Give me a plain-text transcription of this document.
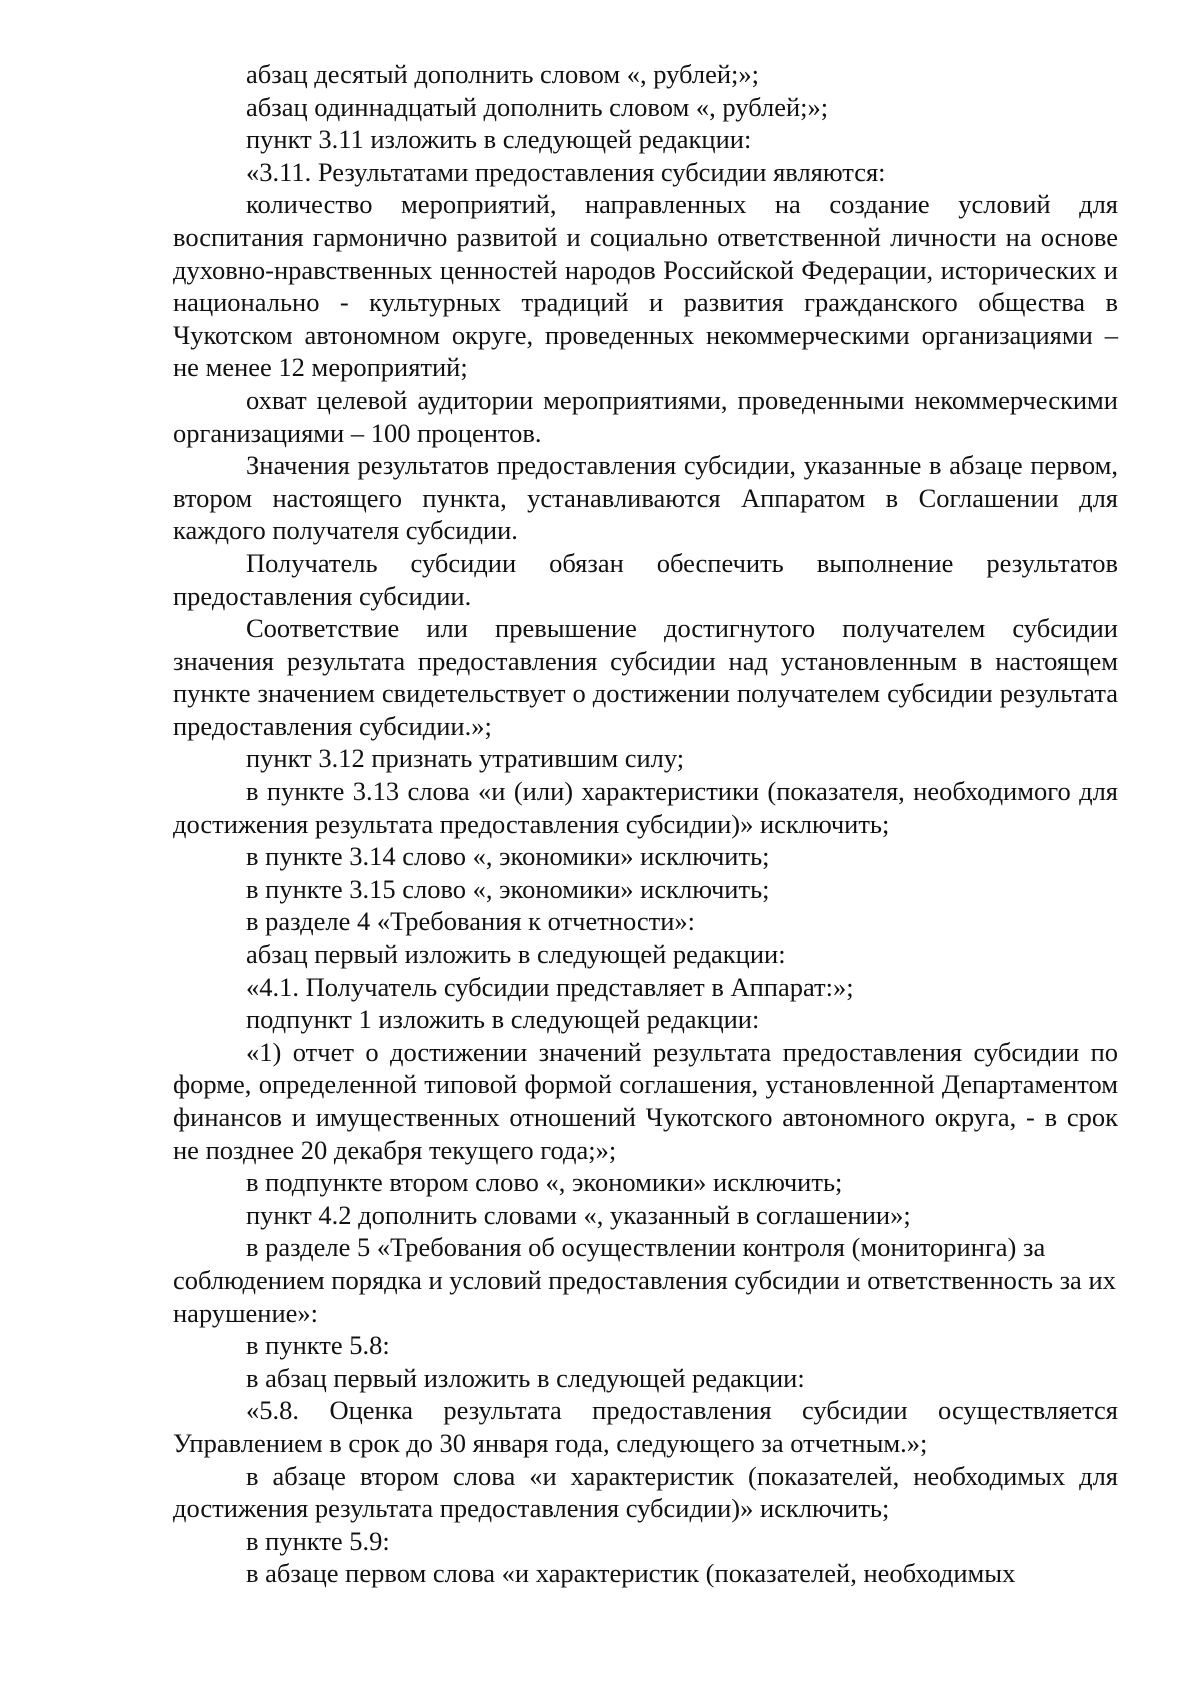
абзац десятый дополнить словом «, рублей;»;

абзац одиннадцатый дополнить словом «, рублей;»;

пункт 3.11 изложить в следующей редакции:

«3.11. Результатами предоставления субсидии являются:

количество мероприятий, направленных на создание условий для воспитания гармонично развитой и социально ответственной личности на основе духовно-нравственных ценностей народов Российской Федерации, исторических и национально - культурных традиций и развития гражданского общества в Чукотском автономном округе, проведенных некоммерческими организациями – не менее 12 мероприятий;

охват целевой аудитории мероприятиями, проведенными некоммерческими организациями – 100 процентов.

Значения результатов предоставления субсидии, указанные в абзаце первом, втором настоящего пункта, устанавливаются Аппаратом в Соглашении для каждого получателя субсидии.

Получатель субсидии обязан обеспечить выполнение результатов предоставления субсидии.

Соответствие или превышение достигнутого получателем субсидии значения результата предоставления субсидии над установленным в настоящем пункте значением свидетельствует о достижении получателем субсидии результата предоставления субсидии.»;

пункт 3.12 признать утратившим силу;

в пункте 3.13 слова «и (или) характеристики (показателя, необходимого для достижения результата предоставления субсидии)» исключить;

в пункте 3.14 слово «, экономики» исключить;

в пункте 3.15 слово «, экономики» исключить;

в разделе 4 «Требования к отчетности»:

абзац первый изложить в следующей редакции:

«4.1. Получатель субсидии представляет в Аппарат:»;

подпункт 1 изложить в следующей редакции:

«1) отчет о достижении значений результата предоставления субсидии по форме, определенной типовой формой соглашения, установленной Департаментом финансов и имущественных отношений Чукотского автономного округа, - в срок не позднее 20 декабря текущего года;»;

в подпункте втором слово «, экономики» исключить;

пункт 4.2 дополнить словами «, указанный в соглашении»;

в разделе 5 «Требования об осуществлении контроля (мониторинга) за соблюдением порядка и условий предоставления субсидии и ответственность за их нарушение»:

в пункте 5.8:

в абзац первый изложить в следующей редакции:

«5.8. Оценка результата предоставления субсидии осуществляется Управлением в срок до 30 января года, следующего за отчетным.»;

в абзаце втором слова «и характеристик (показателей, необходимых для достижения результата предоставления субсидии)» исключить;

в пункте 5.9:

в абзаце первом слова «и характеристик (показателей, необходимых
